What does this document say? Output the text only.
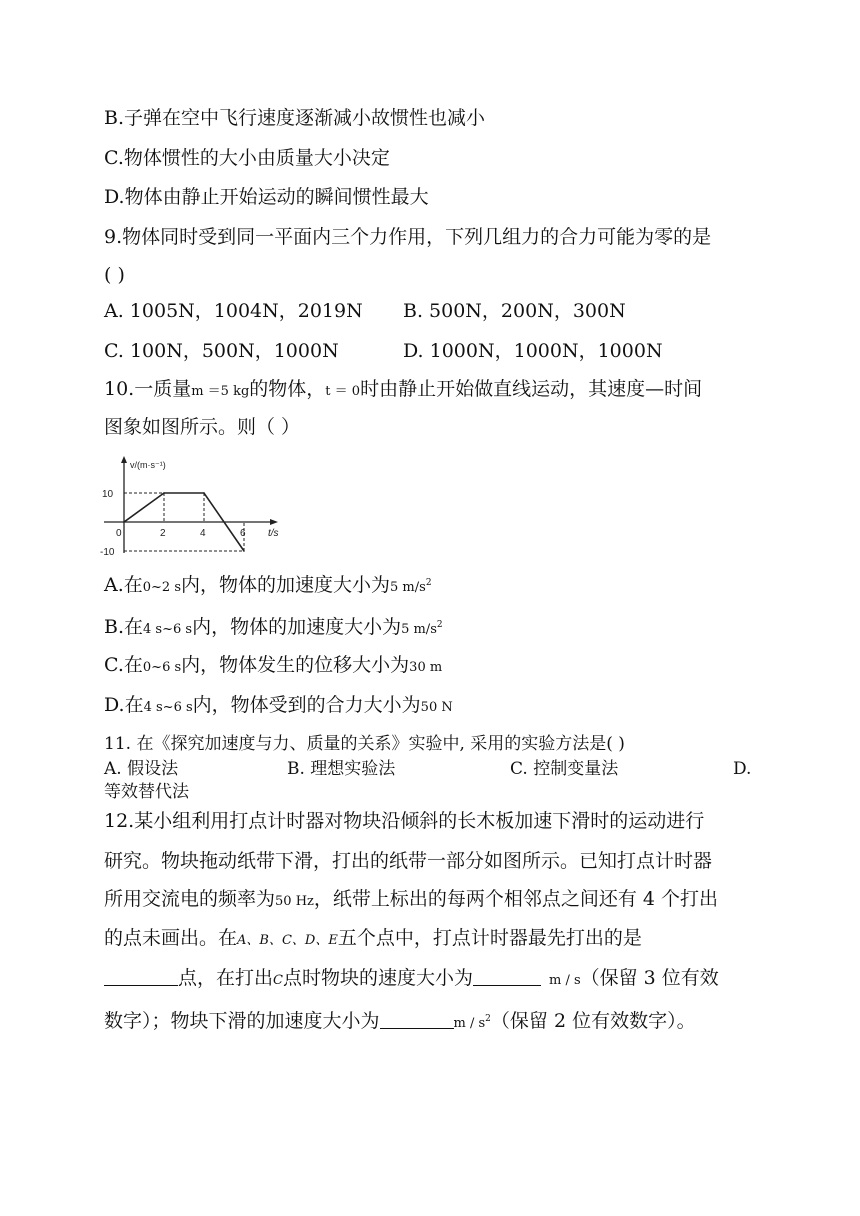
B.子弹在空中飞行速度逐渐减小故惯性也减小
C.物体惯性的大小由质量大小决定
D.物体由静止开始运动的瞬间惯性最大
9.物体同时受到同一平面内三个力作用，下列几组力的合力可能为零的是
( )
A. 1005N，1004N，2019N B. 500N，200N，300N
C. 100N，500N，1000N	D. 1000N，1000N，1000N
10.一质量m ＝5 kg的物体，t ＝ 0时由静止开始做直线运动，其速度—时间
图象如图所示。则（ ）
v/(m·s⁻¹)
t/s
0	2	4	6
10
-10
A.在0~2 s内，物体的加速度大小为5 $m/s^2$
B.在4 s~6 s内，物体的加速度大小为5 $m/s^2$
C.在0~6 s内，物体发生的位移大小为30 m
D.在4 s~6 s内，物体受到的合力大小为50 N
11. 在《探究加速度与力、质量的关系》实验中, 采用的实验方法是( )
A. 假设法	B. 理想实验法	C. 控制变量法	D.
等效替代法
12.某小组利用打点计时器对物块沿倾斜的长木板加速下滑时的运动进行
研究。物块拖动纸带下滑，打出的纸带一部分如图所示。已知打点计时器
所用交流电的频率为50 Hz，纸带上标出的每两个相邻点之间还有 4 个打出
的点未画出。在A、B、C、D、E五个点中，打点计时器最先打出的是
点，在打出C点时物块的速度大小为	m / s（保留 3 位有效
数字）；物块下滑的加速度大小为	m / $s^2$（保留 2 位有效数字）。
